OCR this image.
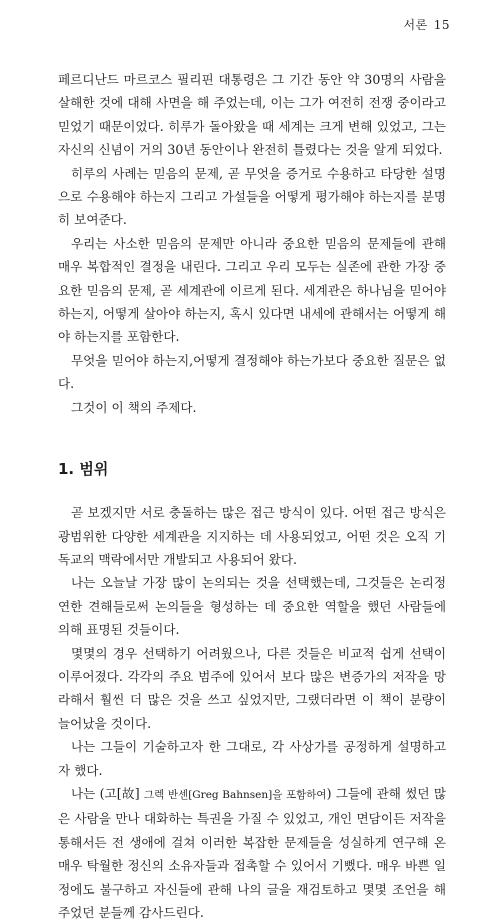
서론 15

페르디난드 마르코스 필리핀 대통령은 그 기간 동안 약 30명의 사람을 살해한 것에 대해 사면을 해 주었는데, 이는 그가 여전히 전쟁 중이라고 믿었기 때문이었다. 히루가 돌아왔을 때 세계는 크게 변해 있었고, 그는 자신의 신념이 거의 30년 동안이나 완전히 틀렸다는 것을 알게 되었다.

히루의 사례는 믿음의 문제, 곧 무엇을 증거로 수용하고 타당한 설명으로 수용해야 하는지 그리고 가설들을 어떻게 평가해야 하는지를 분명히 보여준다.

우리는 사소한 믿음의 문제만 아니라 중요한 믿음의 문제들에 관해 매우 복합적인 결정을 내린다. 그리고 우리 모두는 실존에 관한 가장 중요한 믿음의 문제, 곧 세계관에 이르게 된다. 세계관은 하나님을 믿어야 하는지, 어떻게 살아야 하는지, 혹시 있다면 내세에 관해서는 어떻게 해야 하는지를 포함한다.

무엇을 믿어야 하는지,어떻게 결정해야 하는가보다 중요한 질문은 없다.

그것이 이 책의 주제다.

1. 범위

곧 보겠지만 서로 충돌하는 많은 접근 방식이 있다. 어떤 접근 방식은 광범위한 다양한 세계관을 지지하는 데 사용되었고, 어떤 것은 오직 기독교의 맥락에서만 개발되고 사용되어 왔다.

나는 오늘날 가장 많이 논의되는 것을 선택했는데, 그것들은 논리정연한 견해들로써 논의들을 형성하는 데 중요한 역할을 했던 사람들에 의해 표명된 것들이다.

몇몇의 경우 선택하기 어려웠으나, 다른 것들은 비교적 쉽게 선택이 이루어졌다. 각각의 주요 범주에 있어서 보다 많은 변증가의 저작을 망라해서 훨씬 더 많은 것을 쓰고 싶었지만, 그랬더라면 이 책이 분량이 늘어났을 것이다.

나는 그들이 기술하고자 한 그대로, 각 사상가를 공정하게 설명하고자 했다.

나는 (고[故] 그렉 반센[Greg Bahnsen]을 포함하여) 그들에 관해 썼던 많은 사람을 만나 대화하는 특권을 가질 수 있었고, 개인 면담이든 저작을 통해서든 전 생애에 걸쳐 이러한 복잡한 문제들을 성실하게 연구해 온 매우 탁월한 정신의 소유자들과 접촉할 수 있어서 기뻤다. 매우 바쁜 일정에도 불구하고 자신들에 관해 나의 글을 재검토하고 몇몇 조언을 해 주었던 분들께 감사드린다.
